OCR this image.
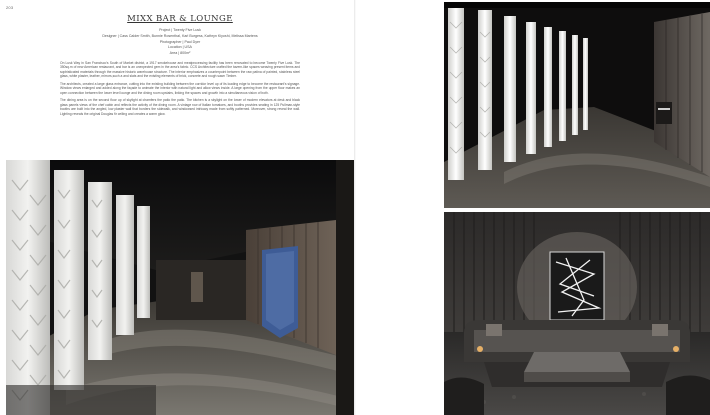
203
MIXX BAR & LOUNGE
Project | Twenty Five Lusk
Designer | Cass Calder Smith, Bunnie Rosenthal, Karl Burgess, Kathryn Kiyoshi, Melissa Martens
Photographer | Paul Dyer
Location | USA
Area | 800m²

On Lusk Way in San Francisco's South of Market district, a 1917 smokehouse and meatprocessing facility has been renovated to become Twenty Five Lusk. The 350sq.m of new American restaurant, and bar is an unexpected gem in the area's fabric. CCS Architecture crafted the tavern-like spaces weaving present items and sophisticated materials through the massive historic warehouse structure. The interior emphasizes a counterpoint between the raw patina of painted, stainless steel glass, white plaster, leather, mirrors,such a and slats and the existing elements of brick, concrete and rough sawn Timber.

The architects, created a large glass entrance, cutting into the existing building between the corridor level up of its loading edge to become the restaurant's signage. Window views enlarged and added along the façade to animate the interior with natural light and allow views inside. A large opening from the upper floor makes an open connection between the lower level lounge and the dining room upstairs, linking the spaces and growth into a simultaneous vision of both.

The dining area is on the second floor up of skylight at chamfers the patio the patio. The kitchen is a skylight on the lower of modern elevators at desk and black glass panels views of the chef cabin and reflects the activity of the dining room. A vintage row of Italian tomatoes, and booths provides seating in 125 Pullman-style booths are built into the angled, low plaster wall that borders the sidewalk, and windowsed intricacy made from softly patterned. Moreover, strong reveal the wall. Lighting reveals the original Douglas fir ceiling and creates a warm glow.
